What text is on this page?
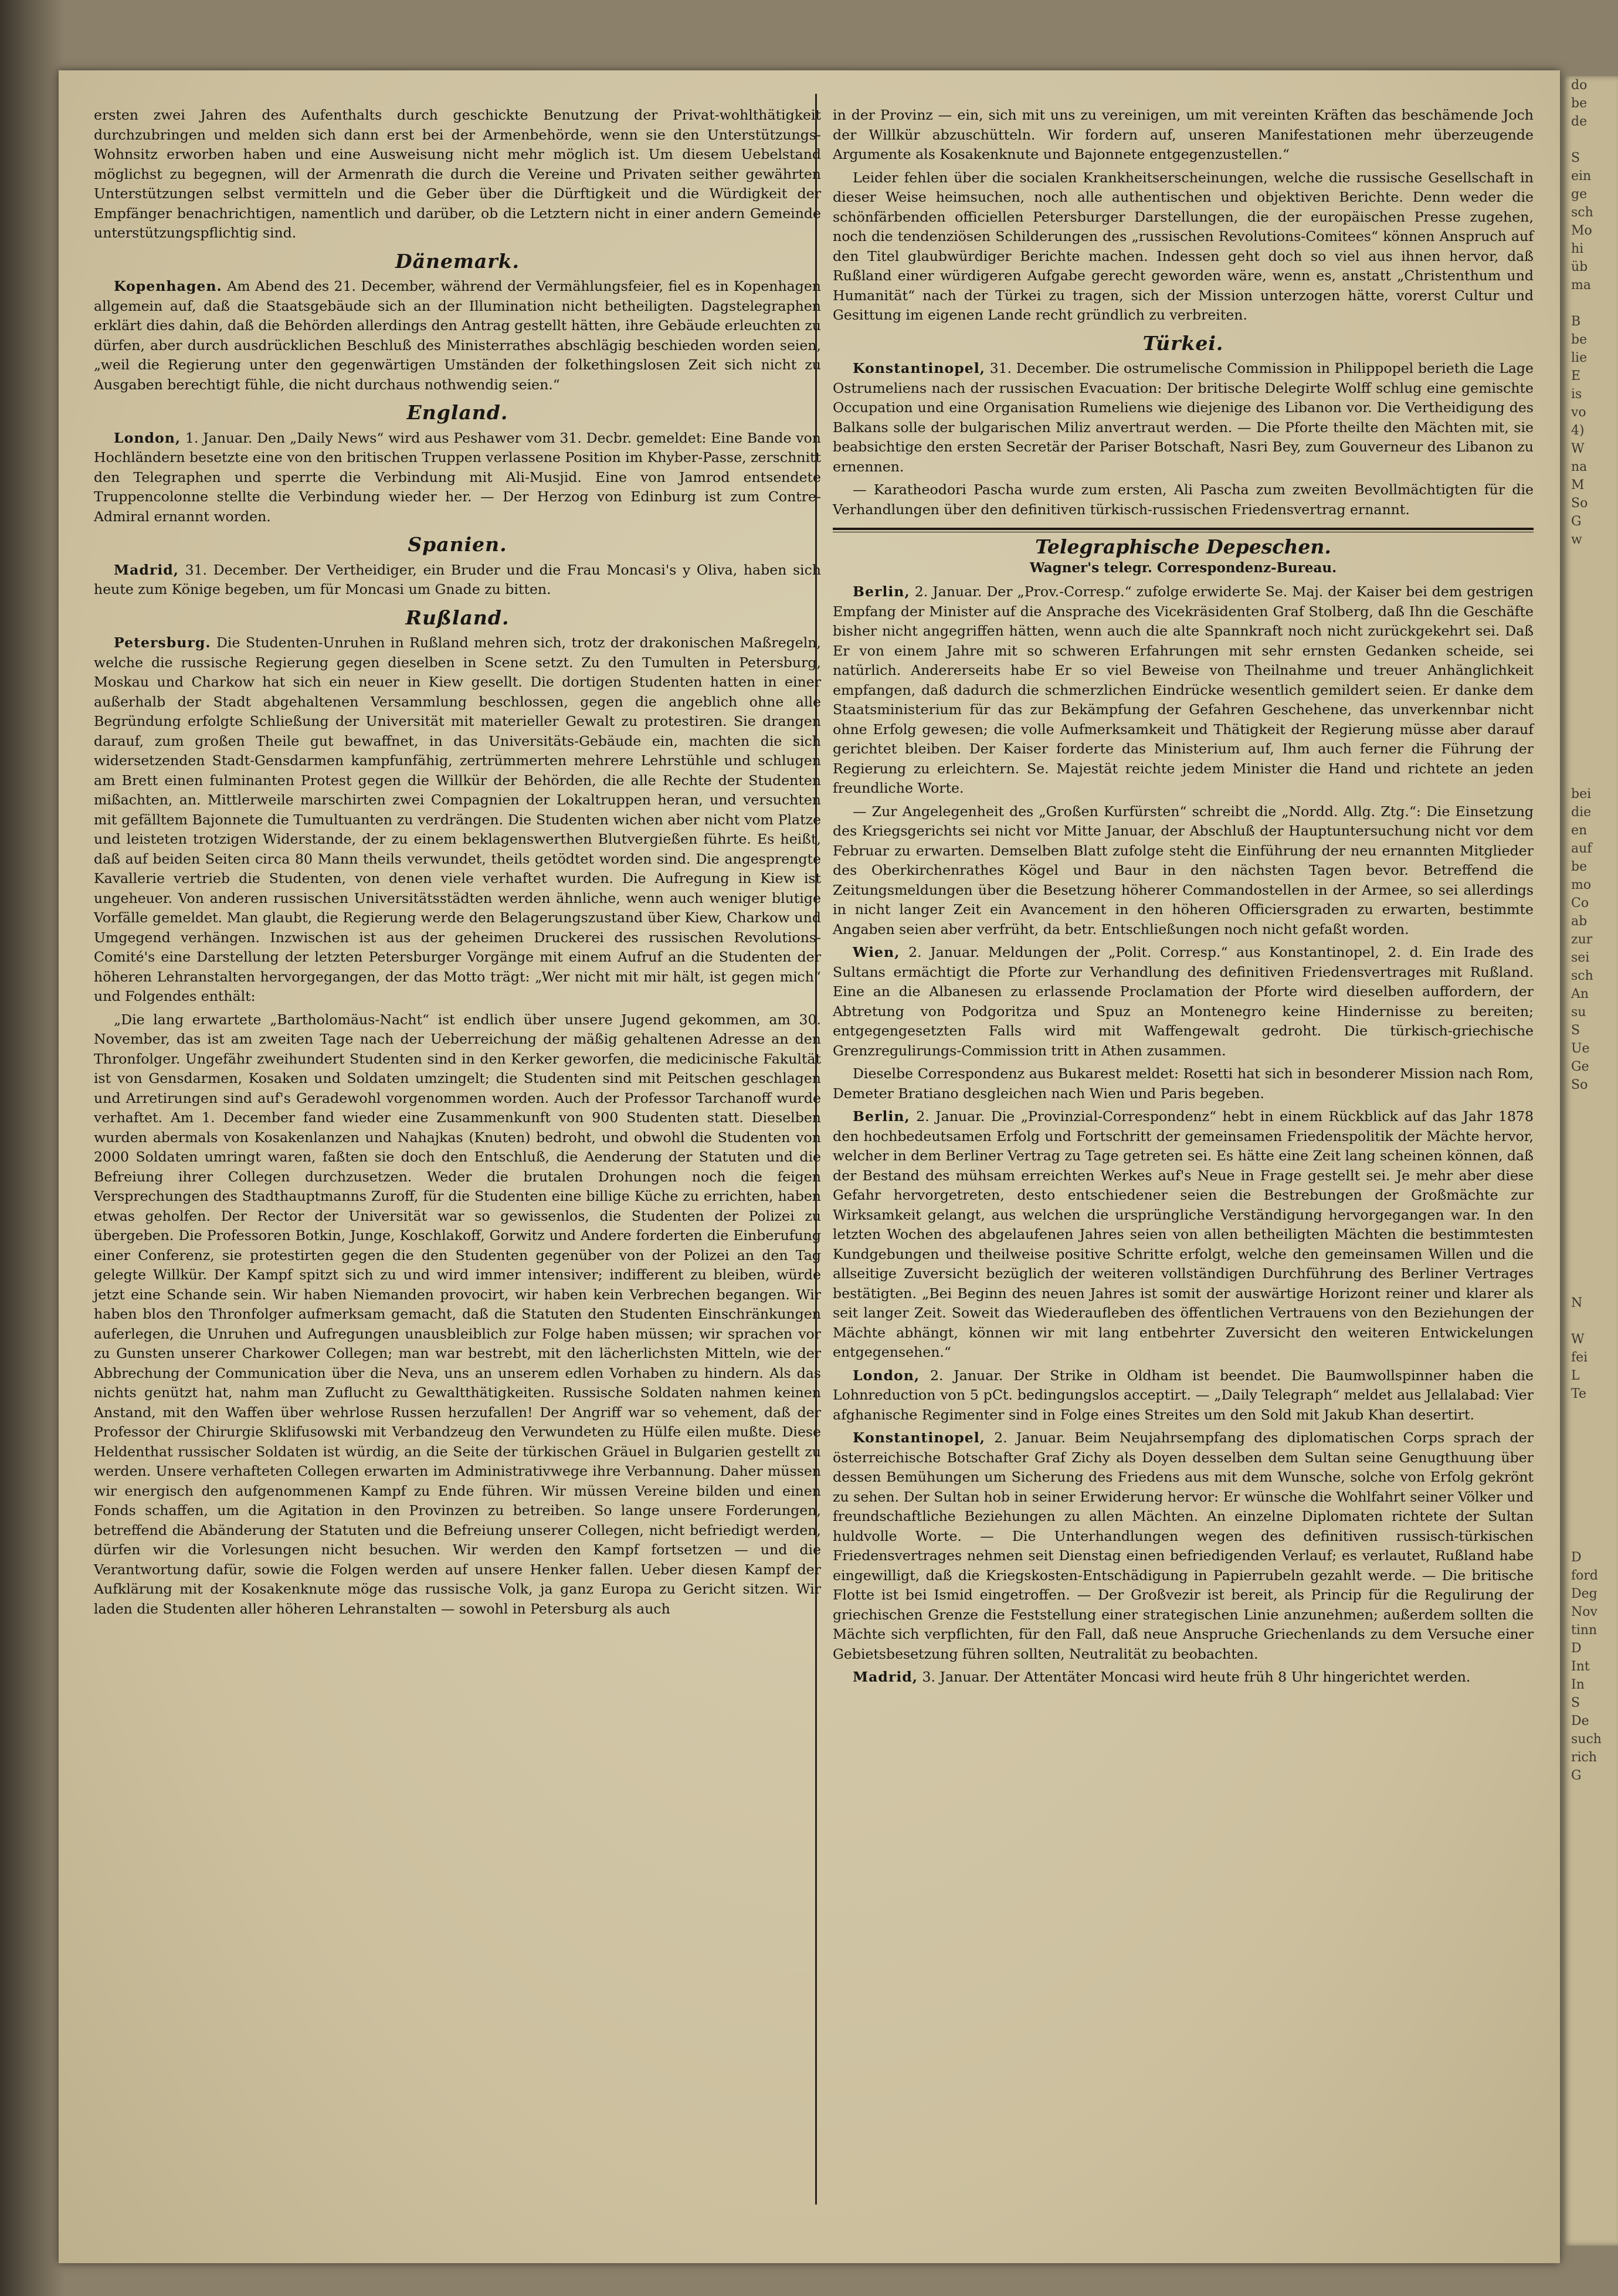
do
be
de

S
ein
ge
sch
Mo
hi
üb
ma

B
be
lie
E
is
vo
4)
W
na
M
So
G
w

bei
die
en
auf
be
mo
Co
ab
zur
sei
sch
An
su
S
Ue
Ge
So

N

W
fei
L
Te

D
ford
Deg
Nov
tinn
D
Int
In
S
De
such
rich
G

ersten zwei Jahren des Aufenthalts durch geschickte Benutzung der Privat-wohlthätigkeit durchzubringen und melden sich dann erst bei der Armenbehörde, wenn sie den Unterstützungs-Wohnsitz erworben haben und eine Ausweisung nicht mehr möglich ist. Um diesem Uebelstand möglichst zu begegnen, will der Armenrath die durch die Vereine und Privaten seither gewährten Unterstützungen selbst vermitteln und die Geber über die Dürftigkeit und die Würdigkeit der Empfänger benachrichtigen, namentlich und darüber, ob die Letztern nicht in einer andern Gemeinde unterstützungspflichtig sind.

Dänemark.

Kopenhagen. Am Abend des 21. December, während der Vermählungsfeier, fiel es in Kopenhagen allgemein auf, daß die Staatsgebäude sich an der Illumination nicht betheiligten. Dagstelegraphen erklärt dies dahin, daß die Behörden allerdings den Antrag gestellt hätten, ihre Gebäude erleuchten zu dürfen, aber durch ausdrücklichen Beschluß des Ministerrathes abschlägig beschieden worden seien, „weil die Regierung unter den gegenwärtigen Umständen der folkethingslosen Zeit sich nicht zu Ausgaben berechtigt fühle, die nicht durchaus nothwendig seien.“

England.

London, 1. Januar. Den „Daily News“ wird aus Peshawer vom 31. Decbr. gemeldet: Eine Bande von Hochländern besetzte eine von den britischen Truppen verlassene Position im Khyber-Passe, zerschnitt den Telegraphen und sperrte die Verbindung mit Ali-Musjid. Eine von Jamrod entsendete Truppencolonne stellte die Verbindung wieder her. — Der Herzog von Edinburg ist zum Contre-Admiral ernannt worden.

Spanien.

Madrid, 31. December. Der Vertheidiger, ein Bruder und die Frau Moncasi's y Oliva, haben sich heute zum Könige begeben, um für Moncasi um Gnade zu bitten.

Rußland.

Petersburg. Die Studenten-Unruhen in Rußland mehren sich, trotz der drakonischen Maßregeln, welche die russische Regierung gegen dieselben in Scene setzt. Zu den Tumulten in Petersburg, Moskau und Charkow hat sich ein neuer in Kiew gesellt. Die dortigen Studenten hatten in einer außerhalb der Stadt abgehaltenen Versammlung beschlossen, gegen die angeblich ohne alle Begründung erfolgte Schließung der Universität mit materieller Gewalt zu protestiren. Sie drangen darauf, zum großen Theile gut bewaffnet, in das Universitäts-Gebäude ein, machten die sich widersetzenden Stadt-Gensdarmen kampfunfähig, zertrümmerten mehrere Lehrstühle und schlugen am Brett einen fulminanten Protest gegen die Willkür der Behörden, die alle Rechte der Studenten mißachten, an. Mittlerweile marschirten zwei Compagnien der Lokaltruppen heran, und versuchten mit gefälltem Bajonnete die Tumultuanten zu verdrängen. Die Studenten wichen aber nicht vom Platze und leisteten trotzigen Widerstande, der zu einem beklagenswerthen Blutvergießen führte. Es heißt, daß auf beiden Seiten circa 80 Mann theils verwundet, theils getödtet worden sind. Die angesprengte Kavallerie vertrieb die Studenten, von denen viele verhaftet wurden. Die Aufregung in Kiew ist ungeheuer. Von anderen russischen Universitätsstädten werden ähnliche, wenn auch weniger blutige Vorfälle gemeldet. Man glaubt, die Regierung werde den Belagerungszustand über Kiew, Charkow und Umgegend verhängen. Inzwischen ist aus der geheimen Druckerei des russischen Revolutions-Comité's eine Darstellung der letzten Petersburger Vorgänge mit einem Aufruf an die Studenten der höheren Lehranstalten hervorgegangen, der das Motto trägt: „Wer nicht mit mir hält, ist gegen mich“ und Folgendes enthält:

„Die lang erwartete „Bartholomäus-Nacht“ ist endlich über unsere Jugend gekommen, am 30. November, das ist am zweiten Tage nach der Ueberreichung der mäßig gehaltenen Adresse an den Thronfolger. Ungefähr zweihundert Studenten sind in den Kerker geworfen, die medicinische Fakultät ist von Gensdarmen, Kosaken und Soldaten umzingelt; die Studenten sind mit Peitschen geschlagen und Arretirungen sind auf's Geradewohl vorgenommen worden. Auch der Professor Tarchanoff wurde verhaftet. Am 1. December fand wieder eine Zusammenkunft von 900 Studenten statt. Dieselben wurden abermals von Kosakenlanzen und Nahajkas (Knuten) bedroht, und obwohl die Studenten von 2000 Soldaten umringt waren, faßten sie doch den Entschluß, die Aenderung der Statuten und die Befreiung ihrer Collegen durchzusetzen. Weder die brutalen Drohungen noch die feigen Versprechungen des Stadthauptmanns Zuroff, für die Studenten eine billige Küche zu errichten, haben etwas geholfen. Der Rector der Universität war so gewissenlos, die Studenten der Polizei zu übergeben. Die Professoren Botkin, Junge, Koschlakoff, Gorwitz und Andere forderten die Einberufung einer Conferenz, sie protestirten gegen die den Studenten gegenüber von der Polizei an den Tag gelegte Willkür. Der Kampf spitzt sich zu und wird immer intensiver; indifferent zu bleiben, würde jetzt eine Schande sein. Wir haben Niemanden provocirt, wir haben kein Verbrechen begangen. Wir haben blos den Thronfolger aufmerksam gemacht, daß die Statuten den Studenten Einschränkungen auferlegen, die Unruhen und Aufregungen unausbleiblich zur Folge haben müssen; wir sprachen vor zu Gunsten unserer Charkower Collegen; man war bestrebt, mit den lächerlichsten Mitteln, wie der Abbrechung der Communication über die Neva, uns an unserem edlen Vorhaben zu hindern. Als das nichts genützt hat, nahm man Zuflucht zu Gewaltthätigkeiten. Russische Soldaten nahmen keinen Anstand, mit den Waffen über wehrlose Russen herzufallen! Der Angriff war so vehement, daß der Professor der Chirurgie Sklifusowski mit Verbandzeug den Verwundeten zu Hülfe eilen mußte. Diese Heldenthat russischer Soldaten ist würdig, an die Seite der türkischen Gräuel in Bulgarien gestellt zu werden. Unsere verhafteten Collegen erwarten im Administrativwege ihre Verbannung. Daher müssen wir energisch den aufgenommenen Kampf zu Ende führen. Wir müssen Vereine bilden und einen Fonds schaffen, um die Agitation in den Provinzen zu betreiben. So lange unsere Forderungen, betreffend die Abänderung der Statuten und die Befreiung unserer Collegen, nicht befriedigt werden, dürfen wir die Vorlesungen nicht besuchen. Wir werden den Kampf fortsetzen — und die Verantwortung dafür, sowie die Folgen werden auf unsere Henker fallen. Ueber diesen Kampf der Aufklärung mit der Kosakenknute möge das russische Volk, ja ganz Europa zu Gericht sitzen. Wir laden die Studenten aller höheren Lehranstalten — sowohl in Petersburg als auch

in der Provinz — ein, sich mit uns zu vereinigen, um mit vereinten Kräften das beschämende Joch der Willkür abzuschütteln. Wir fordern auf, unseren Manifestationen mehr überzeugende Argumente als Kosakenknute und Bajonnete entgegenzustellen.“

Leider fehlen über die socialen Krankheitserscheinungen, welche die russische Gesellschaft in dieser Weise heimsuchen, noch alle authentischen und objektiven Berichte. Denn weder die schönfärbenden officiellen Petersburger Darstellungen, die der europäischen Presse zugehen, noch die tendenziösen Schilderungen des „russischen Revolutions-Comitees“ können Anspruch auf den Titel glaubwürdiger Berichte machen. Indessen geht doch so viel aus ihnen hervor, daß Rußland einer würdigeren Aufgabe gerecht geworden wäre, wenn es, anstatt „Christenthum und Humanität“ nach der Türkei zu tragen, sich der Mission unterzogen hätte, vorerst Cultur und Gesittung im eigenen Lande recht gründlich zu verbreiten.

Türkei.

Konstantinopel, 31. December. Die ostrumelische Commission in Philippopel berieth die Lage Ostrumeliens nach der russischen Evacuation: Der britische Delegirte Wolff schlug eine gemischte Occupation und eine Organisation Rumeliens wie diejenige des Libanon vor. Die Vertheidigung des Balkans solle der bulgarischen Miliz anvertraut werden. — Die Pforte theilte den Mächten mit, sie beabsichtige den ersten Secretär der Pariser Botschaft, Nasri Bey, zum Gouverneur des Libanon zu ernennen.

— Karatheodori Pascha wurde zum ersten, Ali Pascha zum zweiten Bevollmächtigten für die Verhandlungen über den definitiven türkisch-russischen Friedensvertrag ernannt.

Telegraphische Depeschen.
Wagner's telegr. Correspondenz-Bureau.

Berlin, 2. Januar. Der „Prov.-Corresp.“ zufolge erwiderte Se. Maj. der Kaiser bei dem gestrigen Empfang der Minister auf die Ansprache des Vicekräsidenten Graf Stolberg, daß Ihn die Geschäfte bisher nicht angegriffen hätten, wenn auch die alte Spannkraft noch nicht zurückgekehrt sei. Daß Er von einem Jahre mit so schweren Erfahrungen mit sehr ernsten Gedanken scheide, sei natürlich. Andererseits habe Er so viel Beweise von Theilnahme und treuer Anhänglichkeit empfangen, daß dadurch die schmerzlichen Eindrücke wesentlich gemildert seien. Er danke dem Staatsministerium für das zur Bekämpfung der Gefahren Geschehene, das unverkennbar nicht ohne Erfolg gewesen; die volle Aufmerksamkeit und Thätigkeit der Regierung müsse aber darauf gerichtet bleiben. Der Kaiser forderte das Ministerium auf, Ihm auch ferner die Führung der Regierung zu erleichtern. Se. Majestät reichte jedem Minister die Hand und richtete an jeden freundliche Worte.

— Zur Angelegenheit des „Großen Kurfürsten“ schreibt die „Nordd. Allg. Ztg.“: Die Einsetzung des Kriegsgerichts sei nicht vor Mitte Januar, der Abschluß der Hauptuntersuchung nicht vor dem Februar zu erwarten. Demselben Blatt zufolge steht die Einführung der neu ernannten Mitglieder des Oberkirchenrathes Kögel und Baur in den nächsten Tagen bevor. Betreffend die Zeitungsmeldungen über die Besetzung höherer Commandostellen in der Armee, so sei allerdings in nicht langer Zeit ein Avancement in den höheren Officiersgraden zu erwarten, bestimmte Angaben seien aber verfrüht, da betr. Entschließungen noch nicht gefaßt worden.

Wien, 2. Januar. Meldungen der „Polit. Corresp.“ aus Konstantinopel, 2. d. Ein Irade des Sultans ermächtigt die Pforte zur Verhandlung des definitiven Friedensvertrages mit Rußland. Eine an die Albanesen zu erlassende Proclamation der Pforte wird dieselben auffordern, der Abtretung von Podgoritza und Spuz an Montenegro keine Hindernisse zu bereiten; entgegengesetzten Falls wird mit Waffengewalt gedroht. Die türkisch-griechische Grenzregulirungs-Commission tritt in Athen zusammen.

Dieselbe Correspondenz aus Bukarest meldet: Rosetti hat sich in besonderer Mission nach Rom, Demeter Bratiano desgleichen nach Wien und Paris begeben.

Berlin, 2. Januar. Die „Provinzial-Correspondenz“ hebt in einem Rückblick auf das Jahr 1878 den hochbedeutsamen Erfolg und Fortschritt der gemeinsamen Friedenspolitik der Mächte hervor, welcher in dem Berliner Vertrag zu Tage getreten sei. Es hätte eine Zeit lang scheinen können, daß der Bestand des mühsam erreichten Werkes auf's Neue in Frage gestellt sei. Je mehr aber diese Gefahr hervorgetreten, desto entschiedener seien die Bestrebungen der Großmächte zur Wirksamkeit gelangt, aus welchen die ursprüngliche Verständigung hervorgegangen war. In den letzten Wochen des abgelaufenen Jahres seien von allen betheiligten Mächten die bestimmtesten Kundgebungen und theilweise positive Schritte erfolgt, welche den gemeinsamen Willen und die allseitige Zuversicht bezüglich der weiteren vollständigen Durchführung des Berliner Vertrages bestätigten. „Bei Beginn des neuen Jahres ist somit der auswärtige Horizont reiner und klarer als seit langer Zeit. Soweit das Wiederaufleben des öffentlichen Vertrauens von den Beziehungen der Mächte abhängt, können wir mit lang entbehrter Zuversicht den weiteren Entwickelungen entgegensehen.“

London, 2. Januar. Der Strike in Oldham ist beendet. Die Baumwollspinner haben die Lohnreduction von 5 pCt. bedingungslos acceptirt. — „Daily Telegraph“ meldet aus Jellalabad: Vier afghanische Regimenter sind in Folge eines Streites um den Sold mit Jakub Khan desertirt.

Konstantinopel, 2. Januar. Beim Neujahrsempfang des diplomatischen Corps sprach der österreichische Botschafter Graf Zichy als Doyen desselben dem Sultan seine Genugthuung über dessen Bemühungen um Sicherung des Friedens aus mit dem Wunsche, solche von Erfolg gekrönt zu sehen. Der Sultan hob in seiner Erwiderung hervor: Er wünsche die Wohlfahrt seiner Völker und freundschaftliche Beziehungen zu allen Mächten. An einzelne Diplomaten richtete der Sultan huldvolle Worte. — Die Unterhandlungen wegen des definitiven russisch-türkischen Friedensvertrages nehmen seit Dienstag einen befriedigenden Verlauf; es verlautet, Rußland habe eingewilligt, daß die Kriegskosten-Entschädigung in Papierrubeln gezahlt werde. — Die britische Flotte ist bei Ismid eingetroffen. — Der Großvezir ist bereit, als Princip für die Regulirung der griechischen Grenze die Feststellung einer strategischen Linie anzunehmen; außerdem sollten die Mächte sich verpflichten, für den Fall, daß neue Anspruche Griechenlands zu dem Versuche einer Gebietsbesetzung führen sollten, Neutralität zu beobachten.

Madrid, 3. Januar. Der Attentäter Moncasi wird heute früh 8 Uhr hingerichtet werden.
